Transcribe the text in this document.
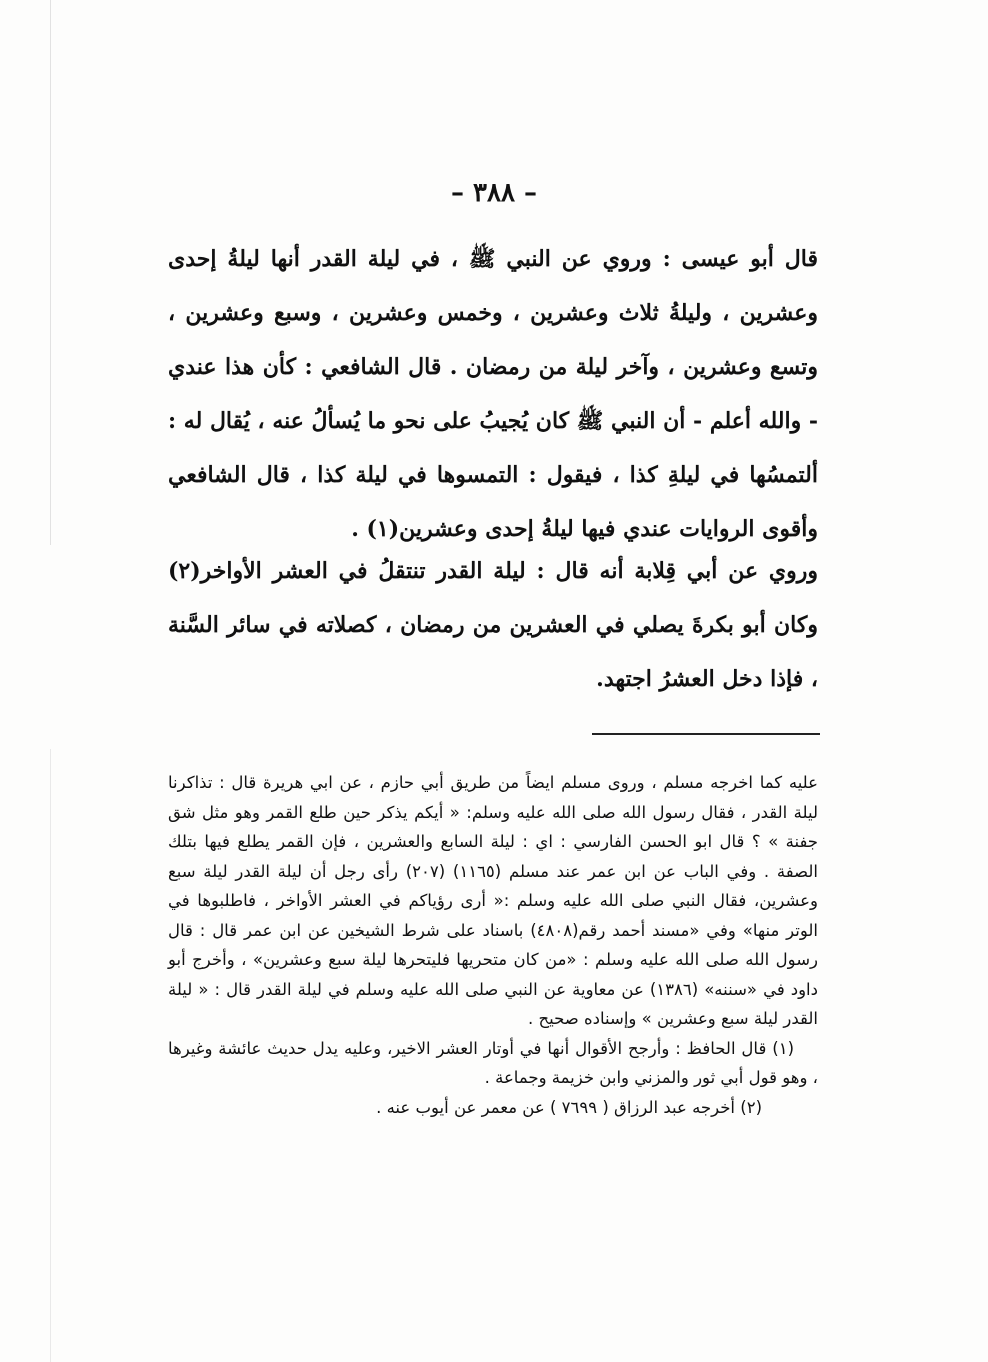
– ٣٨٨ –

قال أبو عيسى : وروي عن النبي ﷺ ، في ليلة القدر أنها ليلةُ إحدى وعشرين ، وليلةُ ثلاث وعشرين ، وخمس وعشرين ، وسبع وعشرين ، وتسع وعشرين ، وآخر ليلة من رمضان . قال الشافعي : كأن هذا عندي - والله أعلم - أن النبي ﷺ كان يُجيبُ على نحو ما يُسألُ عنه ، يُقال له : ألتمسُها في ليلةِ كذا ، فيقول : التمسوها في ليلة كذا ، قال الشافعي وأقوى الروايات عندي فيها ليلةُ إحدى وعشرين(١) .

وروي عن أبي قِلابة أنه قال : ليلة القدر تنتقلُ في العشر الأواخر(٢) وكان أبو بكرةَ يصلي في العشرين من رمضان ، كصلاته في سائر السَّنة ، فإذا دخل العشرُ اجتهد.

عليه كما اخرجه مسلم ، وروى مسلم ايضاً من طريق أبي حازم ، عن ابي هريرة قال : تذاكرنا ليلة القدر ، فقال رسول الله صلى الله عليه وسلم: « أيكم يذكر حين طلع القمر وهو مثل شق جفنة » ؟ قال ابو الحسن الفارسي : اي : ليلة السابع والعشرين ، فإن القمر يطلع فيها بتلك الصفة . وفي الباب عن ابن عمر عند مسلم (١١٦٥) (٢٠٧) رأى رجل أن ليلة القدر ليلة سبع وعشرين، فقال النبي صلى الله عليه وسلم :« أرى رؤياكم في العشر الأواخر ، فاطلبوها في الوتر منها» وفي «مسند أحمد رقم(٤٨٠٨) باسناد على شرط الشيخين عن ابن عمر قال : قال رسول الله صلى الله عليه وسلم : «من كان متحريها فليتحرها ليلة سبع وعشرين» ، وأخرج أبو داود في «سننه» (١٣٨٦) عن معاوية عن النبي صلى الله عليه وسلم في ليلة القدر قال : « ليلة القدر ليلة سبع وعشرين » وإسناده صحيح .

(١) قال الحافظ : وأرجح الأقوال أنها في أوتار العشر الاخير، وعليه يدل حديث عائشة وغيرها ، وهو قول أبي ثور والمزني وابن خزيمة وجماعة .

(٢) أخرجه عبد الرزاق ( ٧٦٩٩ ) عن معمر عن أيوب عنه .
